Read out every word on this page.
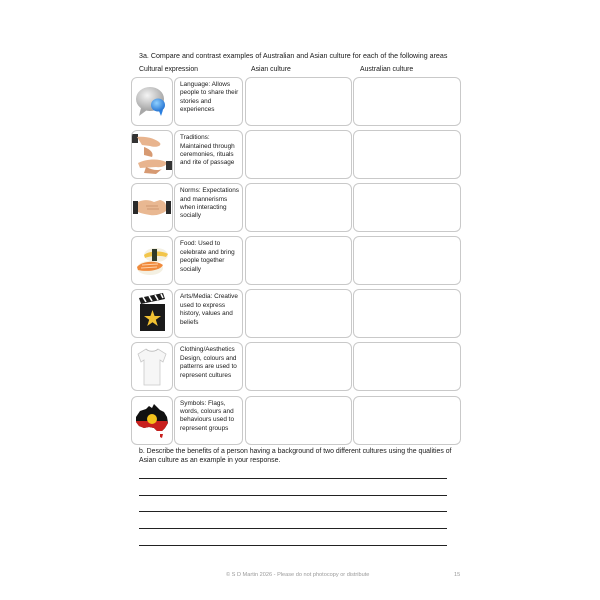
3a. Compare and contrast examples of Australian and Asian culture for each of the following areas
Cultural expression	Asian culture	Australian culture
Language: Allows people to share their stories and experiences
Traditions: Maintained through ceremonies, rituals and rite of passage
Norms: Expectations and mannerisms when interacting socially
Food: Used to celebrate and bring people together socially
Arts/Media: Creative used to express history, values and beliefs
Clothing/Aesthetics Design, colours and patterns are used to represent cultures
Symbols: Flags, words, colours and behaviours used to represent groups
b. Describe the benefits of a person having a background of two different cultures using the qualities of Asian culture as an example in your response.
© S D Martin 2026 - Please do not photocopy or distribute	15
